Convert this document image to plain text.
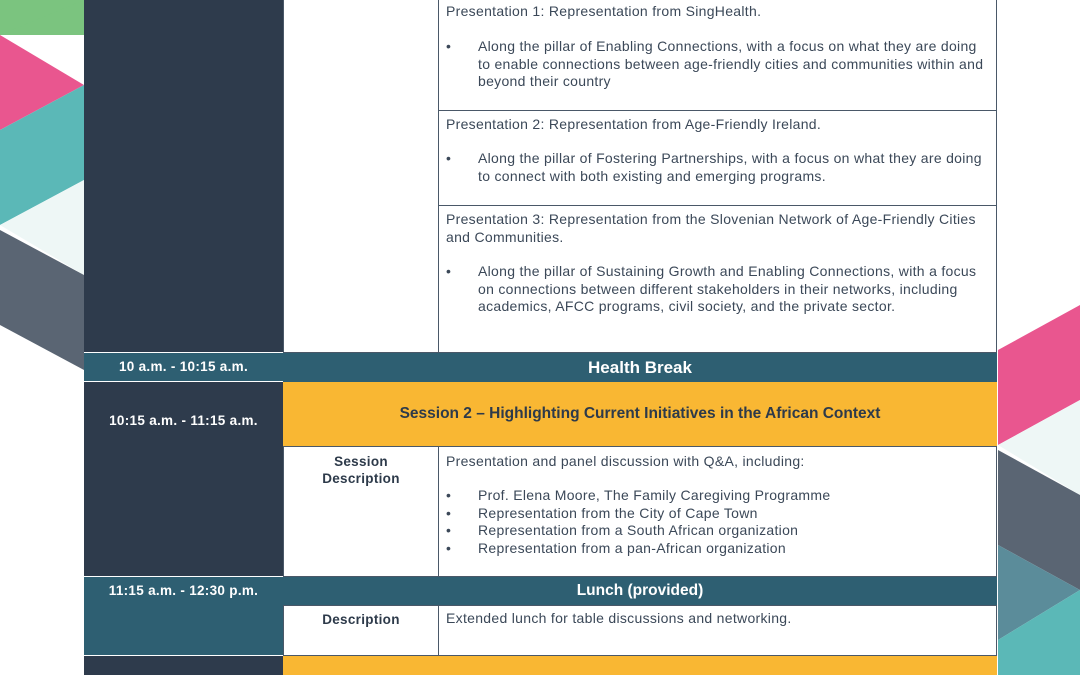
10 a.m. - 10:15 a.m.
10:15 a.m. - 11:15 a.m.
11:15 a.m. - 12:30 p.m.
Presentation 1: Representation from SingHealth.
• Along the pillar of Enabling Connections, with a focus on what they are doing to enable connections between age-friendly cities and communities within and beyond their country
Presentation 2: Representation from Age-Friendly Ireland.
• Along the pillar of Fostering Partnerships, with a focus on what they are doing to connect with both existing and emerging programs.
Presentation 3: Representation from the Slovenian Network of Age-Friendly Cities and Communities.
• Along the pillar of Sustaining Growth and Enabling Connections, with a focus on connections between different stakeholders in their networks, including academics, AFCC programs, civil society, and the private sector.
Health Break
Session 2 – Highlighting Current Initiatives in the African Context
Session Description
Presentation and panel discussion with Q&A, including:
• Prof. Elena Moore, The Family Caregiving Programme
• Representation from the City of Cape Town
• Representation from a South African organization
• Representation from a pan-African organization
Lunch (provided)
Description	Extended lunch for table discussions and networking.
